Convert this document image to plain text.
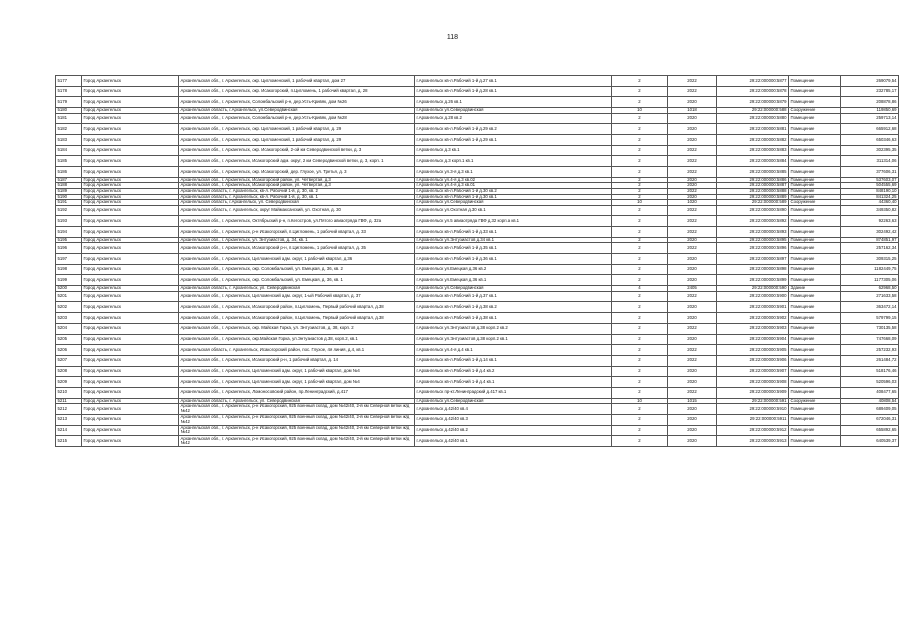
118
5177	Город Архангельск	Архангельская обл., г. Архангельск, окр. Цигломенский, 1 рабочий квартал, дом 27	г.Архангельск кв-л.Рабочий 1-й д.27 кв.1	2	2022	29:22:000000:5877	Помещение	269079,54
5178	Город Архангельск	Архангельская обл., г. Архангельск, окр. Исакогорский, п.Цигломень, 1 рабочий квартал, д. 28	г.Архангельск кв-л.Рабочий 1-й д.28 кв.1	2	2022	29:22:000000:5878	Помещение	232785,17
5179	Город Архангельск	Архангельская обл., г. Архангельск, Соломбальский р-н, дер.Усть-Кривяк, дом №26	г.Архангельск д.26 кв.1	2	2020	29:22:000000:5879	Помещение	208878,86
5180	Город Архангельск	Архангельская область, г.Архангельск, ул.Северодвинская	г.Архангельск ул.Северодвинская	10	1018	29:22:000000:588	Сооружение	119850,69
5181	Город Архангельск	Архангельская обл., г. Архангельск, Соломбальский р-н, дер.Усть-Кривяк, дом №28	г.Архангельск д.28 кв.2	2	2020	29:22:000000:5880	Помещение	259713,14
5182	Город Архангельск	Архангельская обл., г. Архангельск, окр. Цигломенский, 1 рабочий квартал, д. 29	г.Архангельск кв-л.Рабочий 1-й д.29 кв.2	2	2020	29:22:000000:5881	Помещение	665912,68
5183	Город Архангельск	Архангельская обл., г. Архангельск, окр. Цигломенский, 1 рабочий квартал, д. 29	г.Архангельск кв-л.Рабочий 1-й д.29 кв.1	2	2020	29:22:000000:5882	Помещение	650346,63
5184	Город Архангельск	Архангельская обл., г. Архангельск, окр. Исакогорский, 2-ой км Северодвинской ветки, д. 3	г.Архангельск д.3 кв.1	2	2022	29:22:000000:5883	Помещение	302395,35
5185	Город Архангельск	Архангельская обл., г. Архангельск, Исакогорский адм. округ, 2 км Северодвинской ветки, д. 3, корп. 1	г.Архангельск д.3 корп.1 кв.1	2	2022	29:22:000000:5884	Помещение	311314,06
5186	Город Архангельск	Архангельская обл., г. Архангельск, окр. Исакогорский, дер. Глухое, ул. Третья, д. 3	г.Архангельск ул.3-я д.3 кв.1	2	2022	29:22:000000:5885	Помещение	377606,31
5187	Город Архангельск	Архангельская обл., г. Архангельск, Исакогорский район, ул. Четвертая, д.3	г.Архангельск ул.4-я д.3 кв.02	2	2020	29:22:000000:5886	Помещение	537603,07
5188	Город Архангельск	Архангельская обл., г. Архангельск, Исакогорский район, ул. Четвертая, д.3	г.Архангельск ул.4-я д.3 кв.01	2	2020	29:22:000000:5887	Помещение	504555,69
5189	Город Архангельск	Архангельская область, г. Архангельск, кв-л. Рабочий 1-й, д. 30, кв. 2	г.Архангельск кв-л.Рабочий 1-й д.30 кв.2	2	2022	29:22:000000:5888	Помещение	848190,10
5190	Город Архангельск	Архангельская область, г. Архангельск, кв-л. Рабочий 1-й, д. 30, кв. 1	г.Архангельск кв-л.Рабочий 1-й д.30 кв.1	2	2020	29:22:000000:5889	Помещение	841324,25
5191	Город Архангельск	Архангельская область, г.Архангельск, ул. Северодвинская	г.Архангельск ул.Северодвинская	10	1020	29:22:000000:589	Сооружение	44360,40
5192	Город Архангельск	Архангельская область, г. Архангельск, округ Маймаксанский, ул. Охотная, д. 30	г.Архангельск ул.Охотная д.30 кв.1	2	2022	29:22:000000:5890	Помещение	349350,82
5193	Город Архангельск	Архангельская обл., г. Архангельск, Октябрьский р-н, п.Кегостров, ул.Пятого авиаотряда ГВФ, д. 32а	г.Архангельск ул.5 авиаотряда ГВФ д.32 корп.а кв.1	2	2022	29:22:000000:5892	Помещение	92263,63
5194	Город Архангельск	Архангельская обл., г. Архангельск, р-н Исакогорский, п.Цигломень, 1 рабочий квартал, д. 33	г.Архангельск кв-л.Рабочий 1-й д.33 кв.1	2	2022	29:22:000000:5893	Помещение	302492,42
5195	Город Архангельск	Архангельская обл., г. Архангельск, ул. Энтузиастов, д. 34, кв. 1	г.Архангельск ул.Энтузиастов д.34 кв.1	2	2020	29:22:000000:5895	Помещение	874851,97
5196	Город Архангельск	Архангельская обл., г. Архангельск, Исакогорский р-н, п.Цигломень, 1 рабочий квартал, д. 35	г.Архангельск кв-л.Рабочий 1-й д.35 кв.1	2	2022	29:22:000000:5896	Помещение	257162,34
5197	Город Архангельск	Архангельская обл., г. Архангельск, Цигломенский адм. округ, 1 рабочий квартал, д.36	г.Архангельск кв-л.Рабочий 1-й д.36 кв.1	2	2020	29:22:000000:5897	Помещение	309315,25
5198	Город Архангельск	Архангельская обл., г. Архангельск, окр. Соломбальский, ул. Емецкая, д. 36, кв. 2	г.Архангельск ул.Емецкая д.36 кв.2	2	2020	29:22:000000:5898	Помещение	1182449,75
5199	Город Архангельск	Архангельская обл., г. Архангельск, окр. Соломбальский, ул. Емецкая, д. 36, кв. 1	г.Архангельск ул.Емецкая д.36 кв.1	2	2020	29:22:000000:5899	Помещение	1177305,06
5200	Город Архангельск	Архангельская область, г. Архангельск, ул. Северодвинская	г.Архангельск ул.Северодвинская	4	2405	29:22:000000:590	Здание	62968,50
5201	Город Архангельск	Архангельская обл., г. Архангельск, Цигломенский адм. округ, 1-ый Рабочий квартал, д. 37	г.Архангельск кв-л.Рабочий 1-й д.37 кв.1	2	2022	29:22:000000:5900	Помещение	271633,58
5202	Город Архангельск	Архангельская обл., г. Архангельск, Исакогорский район, п.Цигломень, Первый рабочий квартал, д.38	г.Архангельск кв-л.Рабочий 1-й д.38 кв.2	2	2020	29:22:000000:5901	Помещение	363472,14
5203	Город Архангельск	Архангельская обл., г. Архангельск, Исакогорский район, п.Цигломень, Первый рабочий квартал, д.38	г.Архангельск кв-л.Рабочий 1-й д.38 кв.1	2	2020	29:22:000000:5902	Помещение	579799,15
5204	Город Архангельск	Архангельская обл., г. Архангельск, окр. Майская Горка, ул. Энтузиастов, д. 38, корп. 2	г.Архангельск ул.Энтузиастов д.38 корп.2 кв.2	2	2022	29:22:000000:5903	Помещение	730135,58
5205	Город Архангельск	Архангельская обл., г. Архангельск, окр.Майская Горка, ул.Энтузиастов д.38, корп.2, кв.1	г.Архангельск ул.Энтузиастов д.38 корп.2 кв.1	2	2020	29:22:000000:5904	Помещение	747668,09
5206	Город Архангельск	Архангельская область, г. Архангельск, Исакогорский район, пос. Глухое, 4я линия, д.4, кв.1	г.Архангельск ул.4-я д.4 кв.1	2	2022	29:22:000000:5905	Помещение	257232,93
5207	Город Архангельск	Архангельская обл., г. Архангельск, Исакогорский р-н, 1 рабочий квартал, д. 14	г.Архангельск кв-л.Рабочий 1-й д.14 кв.1	2	2022	29:22:000000:5906	Помещение	261484,72
5208	Город Архангельск	Архангельская обл., г. Архангельск, Цигломенский адм. округ, 1 рабочий квартал, дом №4	г.Архангельск кв-л.Рабочий 1-й д.4 кв.2	2	2020	29:22:000000:5907	Помещение	518176,46
5209	Город Архангельск	Архангельская обл., г. Архангельск, Цигломенский адм. округ, 1 рабочий квартал, дом №4	г.Архангельск кв-л.Рабочий 1-й д.4 кв.1	2	2020	29:22:000000:5908	Помещение	520596,03
5210	Город Архангельск	Архангельская обл., г. Архангельск, Ломоносовский район, пр.Ленинградский, д.417	г.Архангельск пр-кт.Ленинградский д.417 кв.1	2	2022	29:22:000000:5909	Помещение	408477,65
5211	Город Архангельск	Архангельская область, г. Архангельск, ул. Северодвинская	г.Архангельск ул.Северодвинская	10	1015	29:22:000000:591	Сооружение	40808,54
5212	Город Архангельск	Архангельская обл., г. Архангельск, р-н Исакогорский, 925 военный склад, дом №42/40, 2-й км Северной ветки ж/д №42	г.Архангельск д.42/40 кв.4	2	2020	29:22:000000:5910	Помещение	689409,05
5213	Город Архангельск	Архангельская обл., г. Архангельск, р-н Исакогорский, 925 военный склад, дом №42/40, 2-й км Северной ветки ж/д №42	г.Архангельск д.42/40 кв.3	2	2020	29:22:000000:5911	Помещение	672046,31
5214	Город Архангельск	Архангельская обл., г. Архангельск, р-н Исакогорский, 925 военный склад, дом №42/40, 2-й км Северной ветки ж/д №42	г.Архангельск д.42/40 кв.2	2	2020	29:22:000000:5912	Помещение	655892,65
5215	Город Архангельск	Архангельская обл., г. Архангельск, р-н Исакогорский, 925 военный склад, дом №42/40, 2-й км Северной ветки ж/д №42	г.Архангельск д.42/40 кв.1	2	2020	29:22:000000:5913	Помещение	640539,37
